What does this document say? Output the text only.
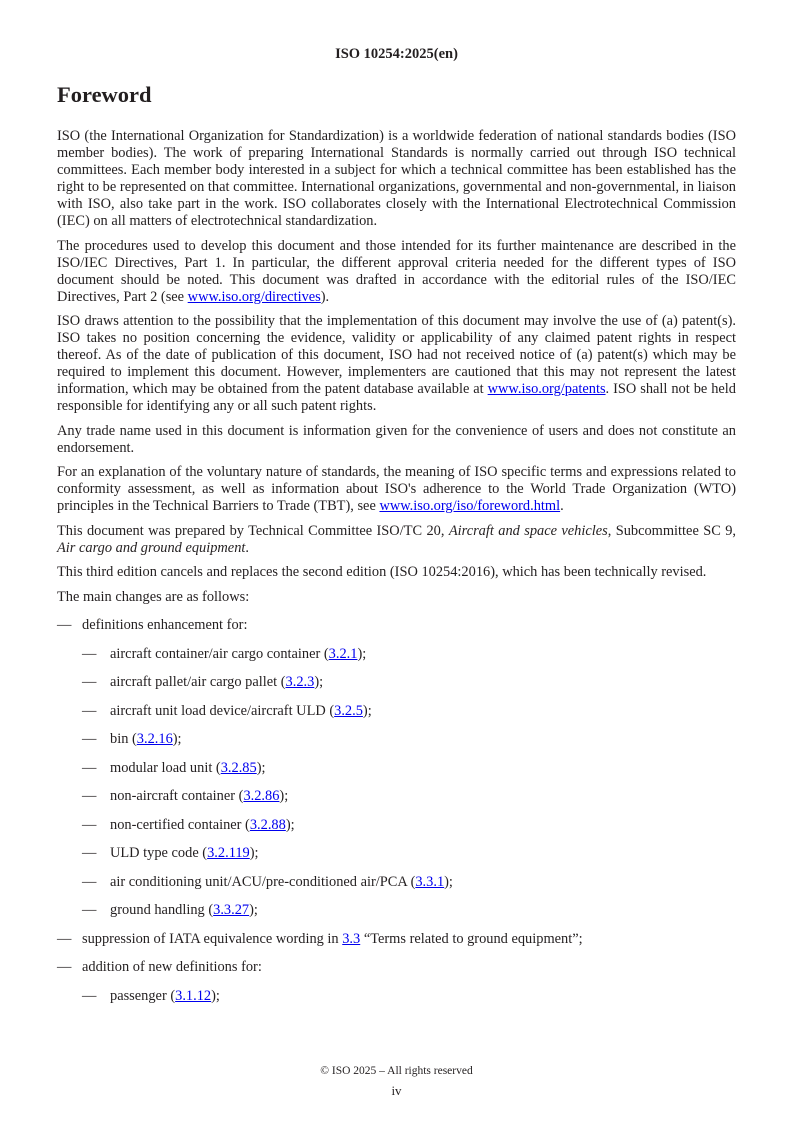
ISO 10254:2025(en)
Foreword

ISO (the International Organization for Standardization) is a worldwide federation of national standards bodies (ISO member bodies). The work of preparing International Standards is normally carried out through ISO technical committees. Each member body interested in a subject for which a technical committee has been established has the right to be represented on that committee. International organizations, governmental and non-governmental, in liaison with ISO, also take part in the work. ISO collaborates closely with the International Electrotechnical Commission (IEC) on all matters of electrotechnical standardization.

The procedures used to develop this document and those intended for its further maintenance are described in the ISO/IEC Directives, Part 1. In particular, the different approval criteria needed for the different types of ISO document should be noted. This document was drafted in accordance with the editorial rules of the ISO/IEC Directives, Part 2 (see www.iso.org/directives).

ISO draws attention to the possibility that the implementation of this document may involve the use of (a) patent(s). ISO takes no position concerning the evidence, validity or applicability of any claimed patent rights in respect thereof. As of the date of publication of this document, ISO had not received notice of (a) patent(s) which may be required to implement this document. However, implementers are cautioned that this may not represent the latest information, which may be obtained from the patent database available at www.iso.org/patents. ISO shall not be held responsible for identifying any or all such patent rights.

Any trade name used in this document is information given for the convenience of users and does not constitute an endorsement.

For an explanation of the voluntary nature of standards, the meaning of ISO specific terms and expressions related to conformity assessment, as well as information about ISO's adherence to the World Trade Organization (WTO) principles in the Technical Barriers to Trade (TBT), see www.iso.org/iso/foreword.html.

This document was prepared by Technical Committee ISO/TC 20, Aircraft and space vehicles, Subcommittee SC 9, Air cargo and ground equipment.

This third edition cancels and replaces the second edition (ISO 10254:2016), which has been technically revised.

The main changes are as follows:

— definitions enhancement for:
— aircraft container/air cargo container (3.2.1);
— aircraft pallet/air cargo pallet (3.2.3);
— aircraft unit load device/aircraft ULD (3.2.5);
— bin (3.2.16);
— modular load unit (3.2.85);
— non-aircraft container (3.2.86);
— non-certified container (3.2.88);
— ULD type code (3.2.119);
— air conditioning unit/ACU/pre-conditioned air/PCA (3.3.1);
— ground handling (3.3.27);
— suppression of IATA equivalence wording in 3.3 “Terms related to ground equipment”;
— addition of new definitions for:
— passenger (3.1.12);
© ISO 2025 – All rights reserved
iv
